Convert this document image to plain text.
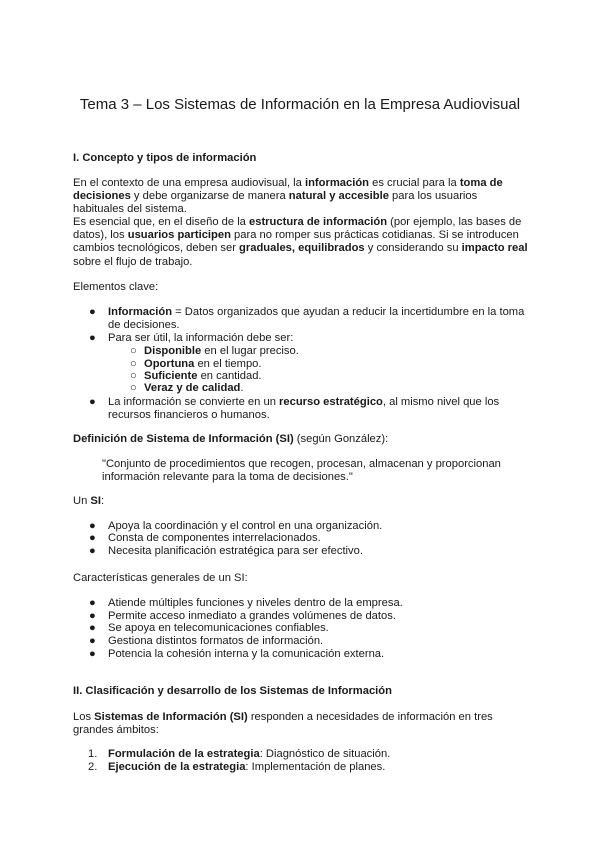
Tema 3 – Los Sistemas de Información en la Empresa Audiovisual
I. Concepto y tipos de información
En el contexto de una empresa audiovisual, la información es crucial para la toma de decisiones y debe organizarse de manera natural y accesible para los usuarios habituales del sistema.
Es esencial que, en el diseño de la estructura de información (por ejemplo, las bases de datos), los usuarios participen para no romper sus prácticas cotidianas. Si se introducen cambios tecnológicos, deben ser graduales, equilibrados y considerando su impacto real sobre el flujo de trabajo.
Elementos clave:
● Información = Datos organizados que ayudan a reducir la incertidumbre en la toma de decisiones.
● Para ser útil, la información debe ser:
○ Disponible en el lugar preciso.
○ Oportuna en el tiempo.
○ Suficiente en cantidad.
○ Veraz y de calidad.
● La información se convierte en un recurso estratégico, al mismo nivel que los recursos financieros o humanos.
Definición de Sistema de Información (SI) (según González):
"Conjunto de procedimientos que recogen, procesan, almacenan y proporcionan información relevante para la toma de decisiones."
Un SI:
● Apoya la coordinación y el control en una organización.
● Consta de componentes interrelacionados.
● Necesita planificación estratégica para ser efectivo.
Características generales de un SI:
● Atiende múltiples funciones y niveles dentro de la empresa.
● Permite acceso inmediato a grandes volúmenes de datos.
● Se apoya en telecomunicaciones confiables.
● Gestiona distintos formatos de información.
● Potencia la cohesión interna y la comunicación externa.
II. Clasificación y desarrollo de los Sistemas de Información
Los Sistemas de Información (SI) responden a necesidades de información en tres grandes ámbitos:
1. Formulación de la estrategia: Diagnóstico de situación.
2. Ejecución de la estrategia: Implementación de planes.
